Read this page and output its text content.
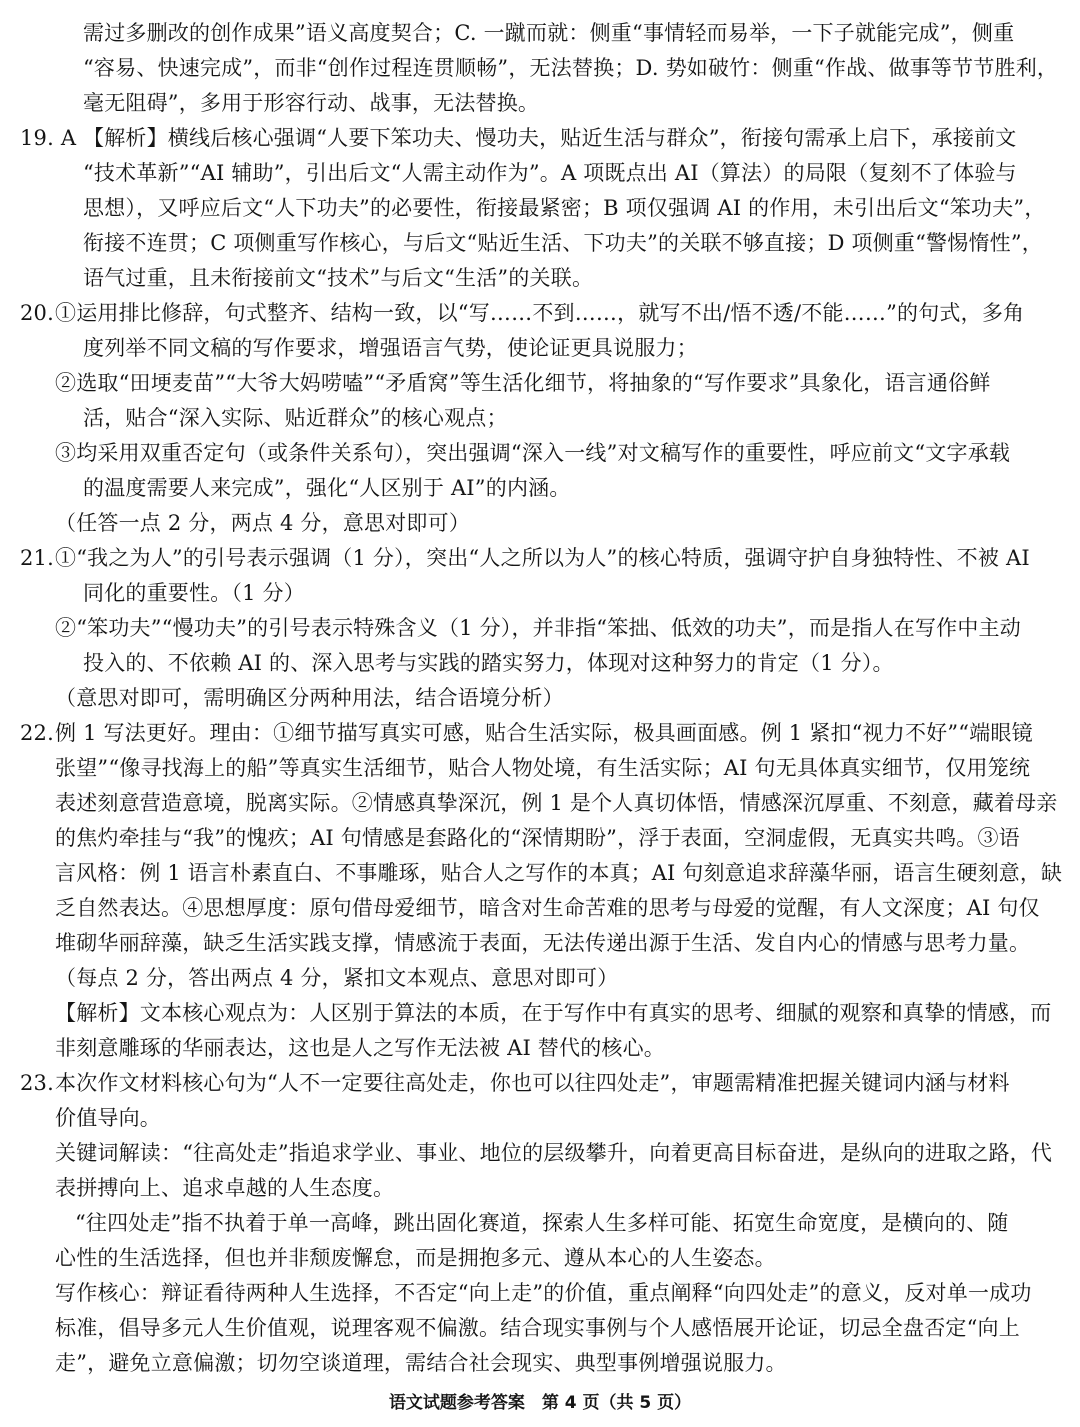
需过多删改的创作成果”语义高度契合；C. 一蹴而就：侧重“事情轻而易举，一下子就能完成”，侧重
“容易、快速完成”，而非“创作过程连贯顺畅”，无法替换；D. 势如破竹：侧重“作战、做事等节节胜利，
毫无阻碍”，多用于形容行动、战事，无法替换。
19. A 【解析】横线后核心强调“人要下笨功夫、慢功夫，贴近生活与群众”，衔接句需承上启下，承接前文
“技术革新”“AI 辅助”，引出后文“人需主动作为”。A 项既点出 AI（算法）的局限（复刻不了体验与
思想），又呼应后文“人下功夫”的必要性，衔接最紧密；B 项仅强调 AI 的作用，未引出后文“笨功夫”，
衔接不连贯；C 项侧重写作核心，与后文“贴近生活、下功夫”的关联不够直接；D 项侧重“警惕惰性”，
语气过重，且未衔接前文“技术”与后文“生活”的关联。
20. ①运用排比修辞，句式整齐、结构一致，以“写……不到……，就写不出/悟不透/不能……”的句式，多角
度列举不同文稿的写作要求，增强语言气势，使论证更具说服力；
②选取“田埂麦苗”“大爷大妈唠嗑”“矛盾窝”等生活化细节，将抽象的“写作要求”具象化，语言通俗鲜
活，贴合“深入实际、贴近群众”的核心观点；
③均采用双重否定句（或条件关系句），突出强调“深入一线”对文稿写作的重要性，呼应前文“文字承载
的温度需要人来完成”，强化“人区别于 AI”的内涵。
（任答一点 2 分，两点 4 分，意思对即可）
21. ①“我之为人”的引号表示强调（1 分），突出“人之所以为人”的核心特质，强调守护自身独特性、不被 AI
同化的重要性。（1 分）
②“笨功夫”“慢功夫”的引号表示特殊含义（1 分），并非指“笨拙、低效的功夫”，而是指人在写作中主动
投入的、不依赖 AI 的、深入思考与实践的踏实努力，体现对这种努力的肯定（1 分）。
（意思对即可，需明确区分两种用法，结合语境分析）
22. 例 1 写法更好。理由：①细节描写真实可感，贴合生活实际，极具画面感。例 1 紧扣“视力不好”“端眼镜
张望”“像寻找海上的船”等真实生活细节，贴合人物处境，有生活实际；AI 句无具体真实细节，仅用笼统
表述刻意营造意境，脱离实际。②情感真挚深沉，例 1 是个人真切体悟，情感深沉厚重、不刻意，藏着母亲
的焦灼牵挂与“我”的愧疚；AI 句情感是套路化的“深情期盼”，浮于表面，空洞虚假，无真实共鸣。③语
言风格：例 1 语言朴素直白、不事雕琢，贴合人之写作的本真；AI 句刻意追求辞藻华丽，语言生硬刻意，缺
乏自然表达。④思想厚度：原句借母爱细节，暗含对生命苦难的思考与母爱的觉醒，有人文深度；AI 句仅
堆砌华丽辞藻，缺乏生活实践支撑，情感流于表面，无法传递出源于生活、发自内心的情感与思考力量。
（每点 2 分，答出两点 4 分，紧扣文本观点、意思对即可）
【解析】文本核心观点为：人区别于算法的本质，在于写作中有真实的思考、细腻的观察和真挚的情感，而
非刻意雕琢的华丽表达，这也是人之写作无法被 AI 替代的核心。
23. 本次作文材料核心句为“人不一定要往高处走，你也可以往四处走”，审题需精准把握关键词内涵与材料
价值导向。
关键词解读：“往高处走”指追求学业、事业、地位的层级攀升，向着更高目标奋进，是纵向的进取之路，代
表拼搏向上、追求卓越的人生态度。
“往四处走”指不执着于单一高峰，跳出固化赛道，探索人生多样可能、拓宽生命宽度，是横向的、随
心性的生活选择，但也并非颓废懈怠，而是拥抱多元、遵从本心的人生姿态。
写作核心：辩证看待两种人生选择，不否定“向上走”的价值，重点阐释“向四处走”的意义，反对单一成功
标准，倡导多元人生价值观，说理客观不偏激。结合现实事例与个人感悟展开论证，切忌全盘否定“向上
走”，避免立意偏激；切勿空谈道理，需结合社会现实、典型事例增强说服力。
语文试题参考答案　第 4 页（共 5 页）
